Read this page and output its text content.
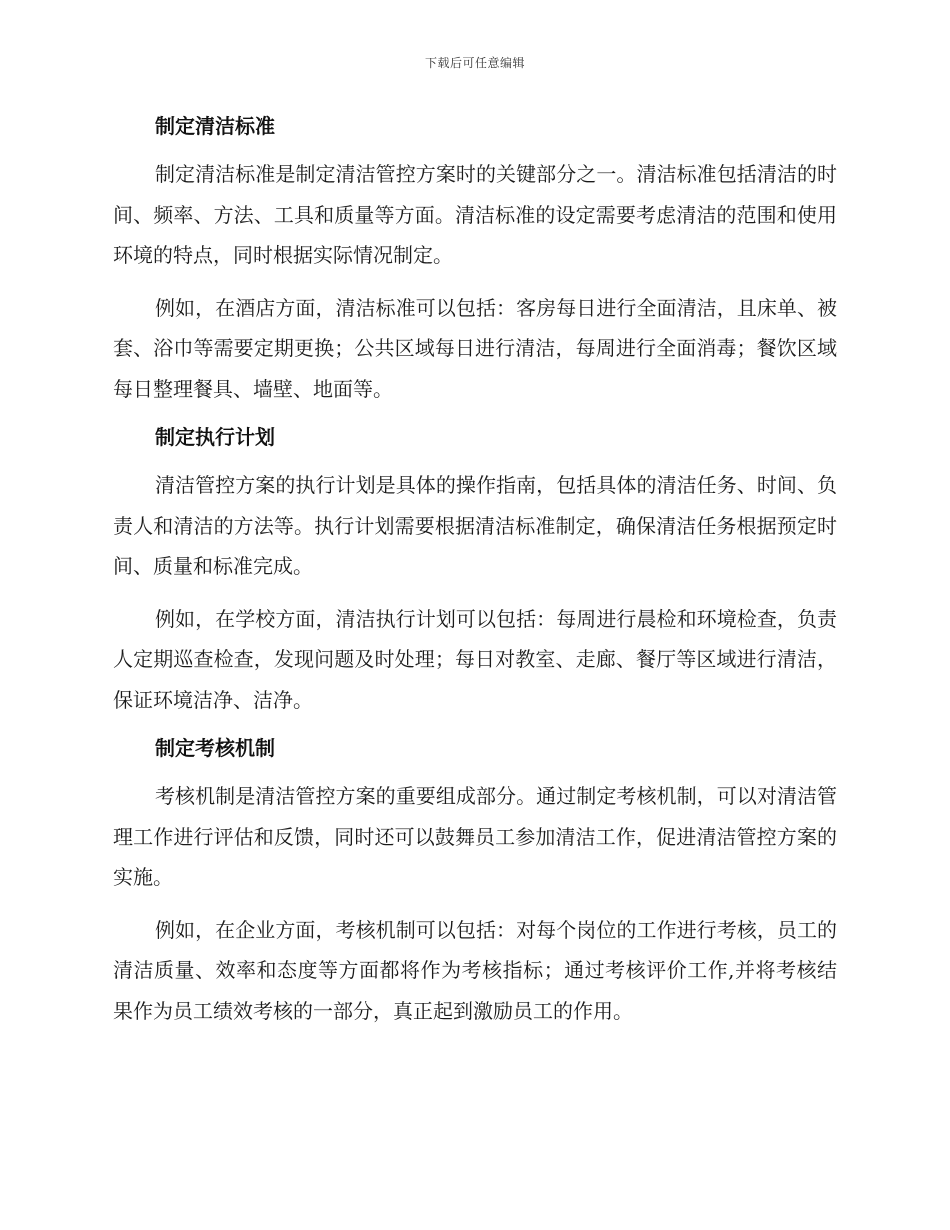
下载后可任意编辑
制定清洁标准

制定清洁标准是制定清洁管控方案时的关键部分之一。清洁标准包括清洁的时间、频率、方法、工具和质量等方面。清洁标准的设定需要考虑清洁的范围和使用环境的特点，同时根据实际情况制定。

例如，在酒店方面，清洁标准可以包括：客房每日进行全面清洁，且床单、被套、浴巾等需要定期更换；公共区域每日进行清洁，每周进行全面消毒；餐饮区域每日整理餐具、墙壁、地面等。

制定执行计划

清洁管控方案的执行计划是具体的操作指南，包括具体的清洁任务、时间、负责人和清洁的方法等。执行计划需要根据清洁标准制定，确保清洁任务根据预定时间、质量和标准完成。

例如，在学校方面，清洁执行计划可以包括：每周进行晨检和环境检查，负责人定期巡查检查，发现问题及时处理；每日对教室、走廊、餐厅等区域进行清洁，保证环境洁净、洁净。

制定考核机制

考核机制是清洁管控方案的重要组成部分。通过制定考核机制，可以对清洁管理工作进行评估和反馈，同时还可以鼓舞员工参加清洁工作，促进清洁管控方案的实施。

例如，在企业方面，考核机制可以包括：对每个岗位的工作进行考核，员工的清洁质量、效率和态度等方面都将作为考核指标；通过考核评价工作,并将考核结果作为员工绩效考核的一部分，真正起到激励员工的作用。
